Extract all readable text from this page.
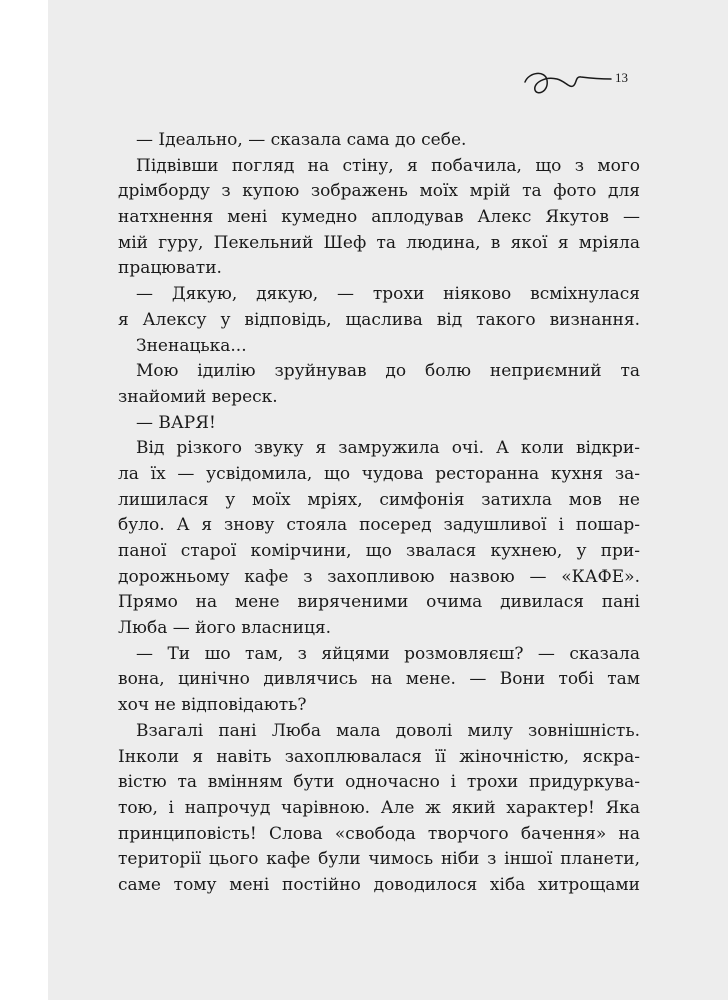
13
— Ідеально, — сказала сама до себе.
Підвівши погляд на стіну, я побачила, що з мого
дрімборду з купою зображень моїх мрій та фото для
натхнення мені кумедно аплодував Алекс Якутов —
мій гуру, Пекельний Шеф та людина, в якої я мріяла
працювати.
— Дякую, дякую, — трохи ніяково всміхнулася
я Алексу у відповідь, щаслива від такого визнання.
Зненацька...
Мою ідилію зруйнував до болю неприємний та
знайомий вереск.
— ВАРЯ!
Від різкого звуку я замружила очі. А коли відкри-
ла їх — усвідомила, що чудова ресторанна кухня за-
лишилася у моїх мріях, симфонія затихла мов не
було. А я знову стояла посеред задушливої і пошар-
паної старої комірчини, що звалася кухнею, у при-
дорожньому кафе з захопливою назвою — «КАФЕ».
Прямо на мене виряченими очима дивилася пані
Люба — його власниця.
— Ти шо там, з яйцями розмовляєш? — сказала
вона, цинічно дивлячись на мене. — Вони тобі там
хоч не відповідають?
Взагалі пані Люба мала доволі милу зовнішність.
Інколи я навіть захоплювалася її жіночністю, яскра-
вістю та вмінням бути одночасно і трохи придуркува-
тою, і напрочуд чарівною. Але ж який характер! Яка
принциповість! Слова «свобода творчого бачення» на
території цього кафе були чимось ніби з іншої планети,
саме тому мені постійно доводилося хіба хитрощами
